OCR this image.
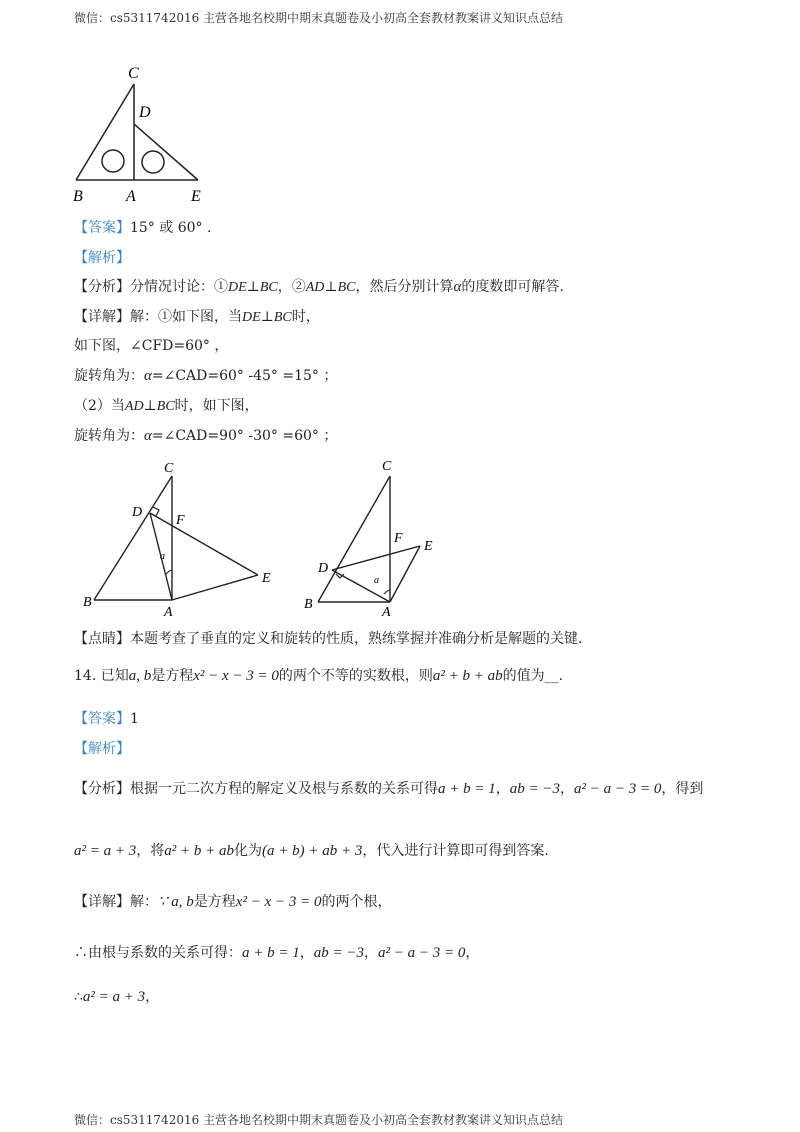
微信：cs5311742016 主营各地名校期中期末真题卷及小初高全套教材教案讲义知识点总结
C
D
B	A	E
【答案】15° 或 60° .
【解析】
【分析】分情况讨论：①DE⊥BC，②AD⊥BC，然后分别计算α的度数即可解答.
【详解】解：①如下图，当DE⊥BC时，
如下图，∠CFD=60° ，
旋转角为：α=∠CAD=60° -45° =15° ；
（2）当AD⊥BC时，如下图，
旋转角为：α=∠CAD=90° -30° =60° ；
C
D
F
a
E
B
A
C
F
E
D
a
B
A
【点睛】本题考查了垂直的定义和旋转的性质，熟练掌握并准确分析是解题的关键.
14. 已知a, b是方程x² − x − 3 = 0的两个不等的实数根，则a² + b + ab的值为__.
【答案】1
【解析】
【分析】根据一元二次方程的解定义及根与系数的关系可得a + b = 1，ab = −3，a² − a − 3 = 0，得到
a² = a + 3，将a² + b + ab化为(a + b) + ab + 3，代入进行计算即可得到答案.
【详解】解：∵ a, b是方程x² − x − 3 = 0的两个根，
∴由根与系数的关系可得：a + b = 1，ab = −3，a² − a − 3 = 0，
∴a² = a + 3，
微信：cs5311742016 主营各地名校期中期末真题卷及小初高全套教材教案讲义知识点总结
